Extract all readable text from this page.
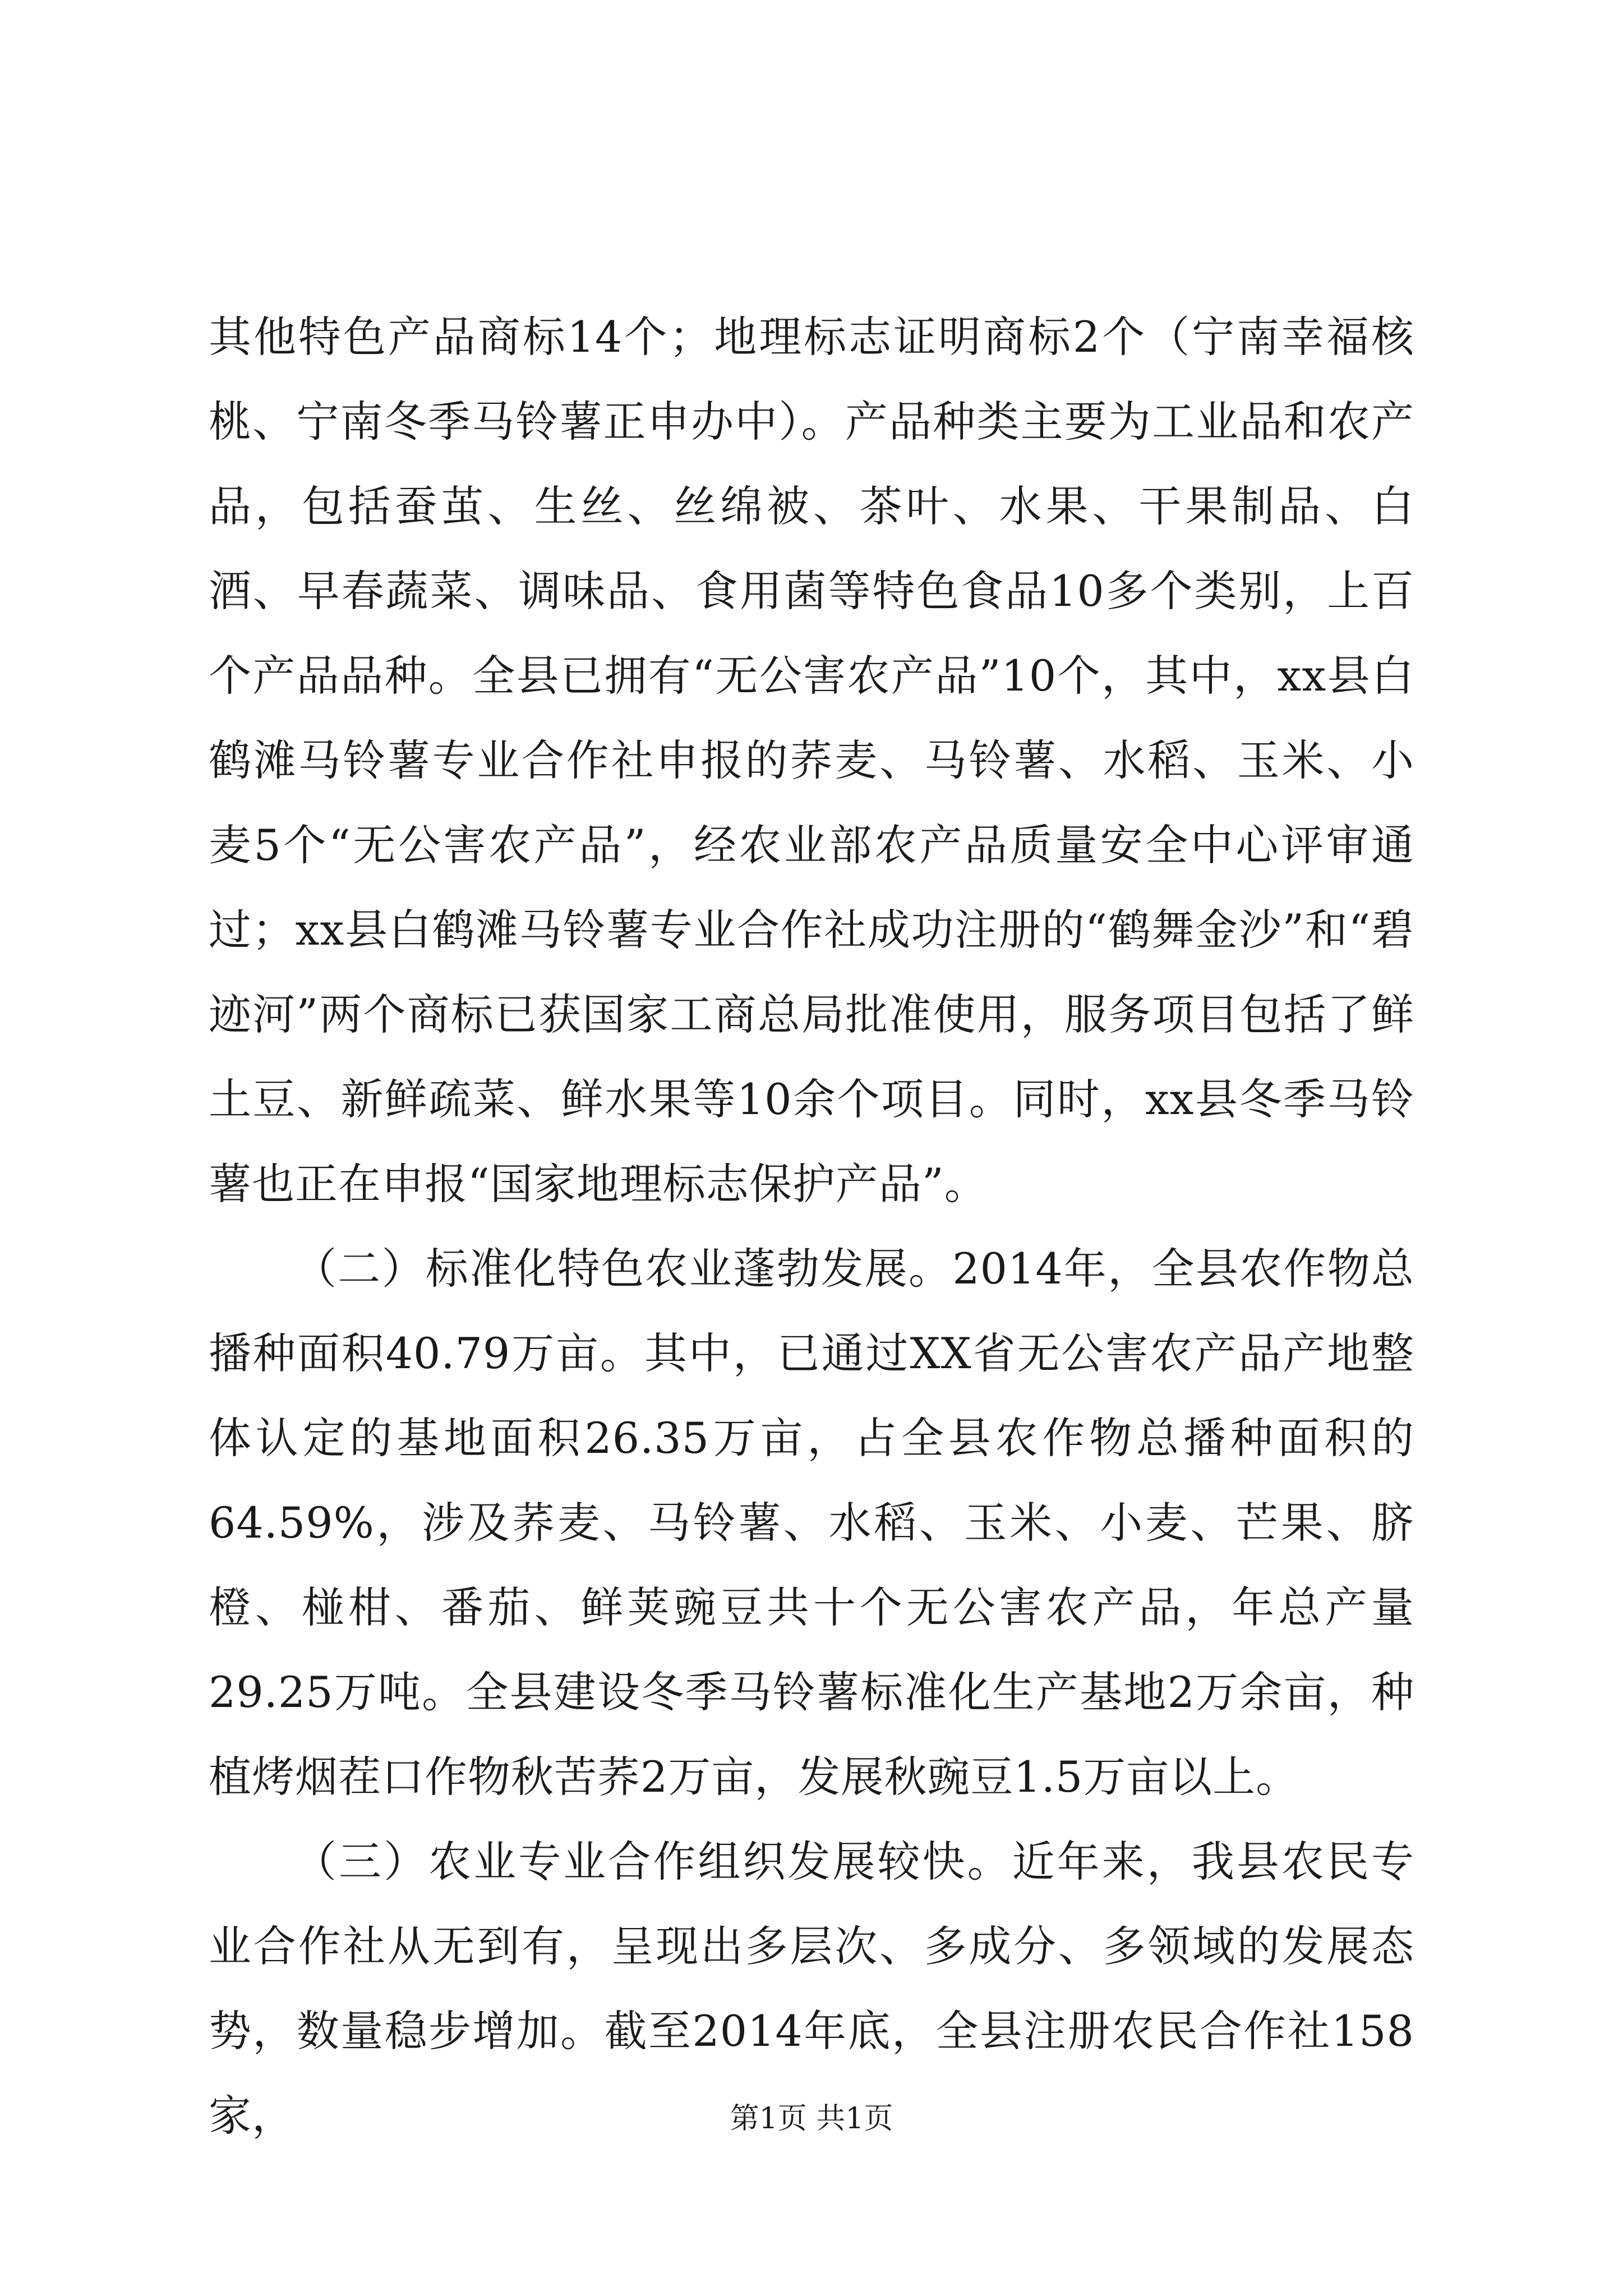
其他特色产品商标14个；地理标志证明商标2个（宁南幸福核桃、宁南冬季马铃薯正申办中）。产品种类主要为工业品和农产品，包括蚕茧、生丝、丝绵被、茶叶、水果、干果制品、白酒、早春蔬菜、调味品、食用菌等特色食品10多个类别，上百个产品品种。全县已拥有“无公害农产品”10个，其中，xx县白鹤滩马铃薯专业合作社申报的荞麦、马铃薯、水稻、玉米、小麦5个“无公害农产品”，经农业部农产品质量安全中心评审通过；xx县白鹤滩马铃薯专业合作社成功注册的“鹤舞金沙”和“碧迹河”两个商标已获国家工商总局批准使用，服务项目包括了鲜土豆、新鲜疏菜、鲜水果等10余个项目。同时，xx县冬季马铃薯也正在申报“国家地理标志保护产品”。

（二）标准化特色农业蓬勃发展。2014年，全县农作物总播种面积40.79万亩。其中，已通过XX省无公害农产品产地整体认定的基地面积26.35万亩，占全县农作物总播种面积的64.59%，涉及荞麦、马铃薯、水稻、玉米、小麦、芒果、脐橙、椪柑、番茄、鲜荚豌豆共十个无公害农产品，年总产量29.25万吨。全县建设冬季马铃薯标准化生产基地2万余亩，种植烤烟茬口作物秋苦荞2万亩，发展秋豌豆1.5万亩以上。

（三）农业专业合作组织发展较快。近年来，我县农民专业合作社从无到有，呈现出多层次、多成分、多领域的发展态势，数量稳步增加。截至2014年底，全县注册农民合作社158家，	第1页 共1页
